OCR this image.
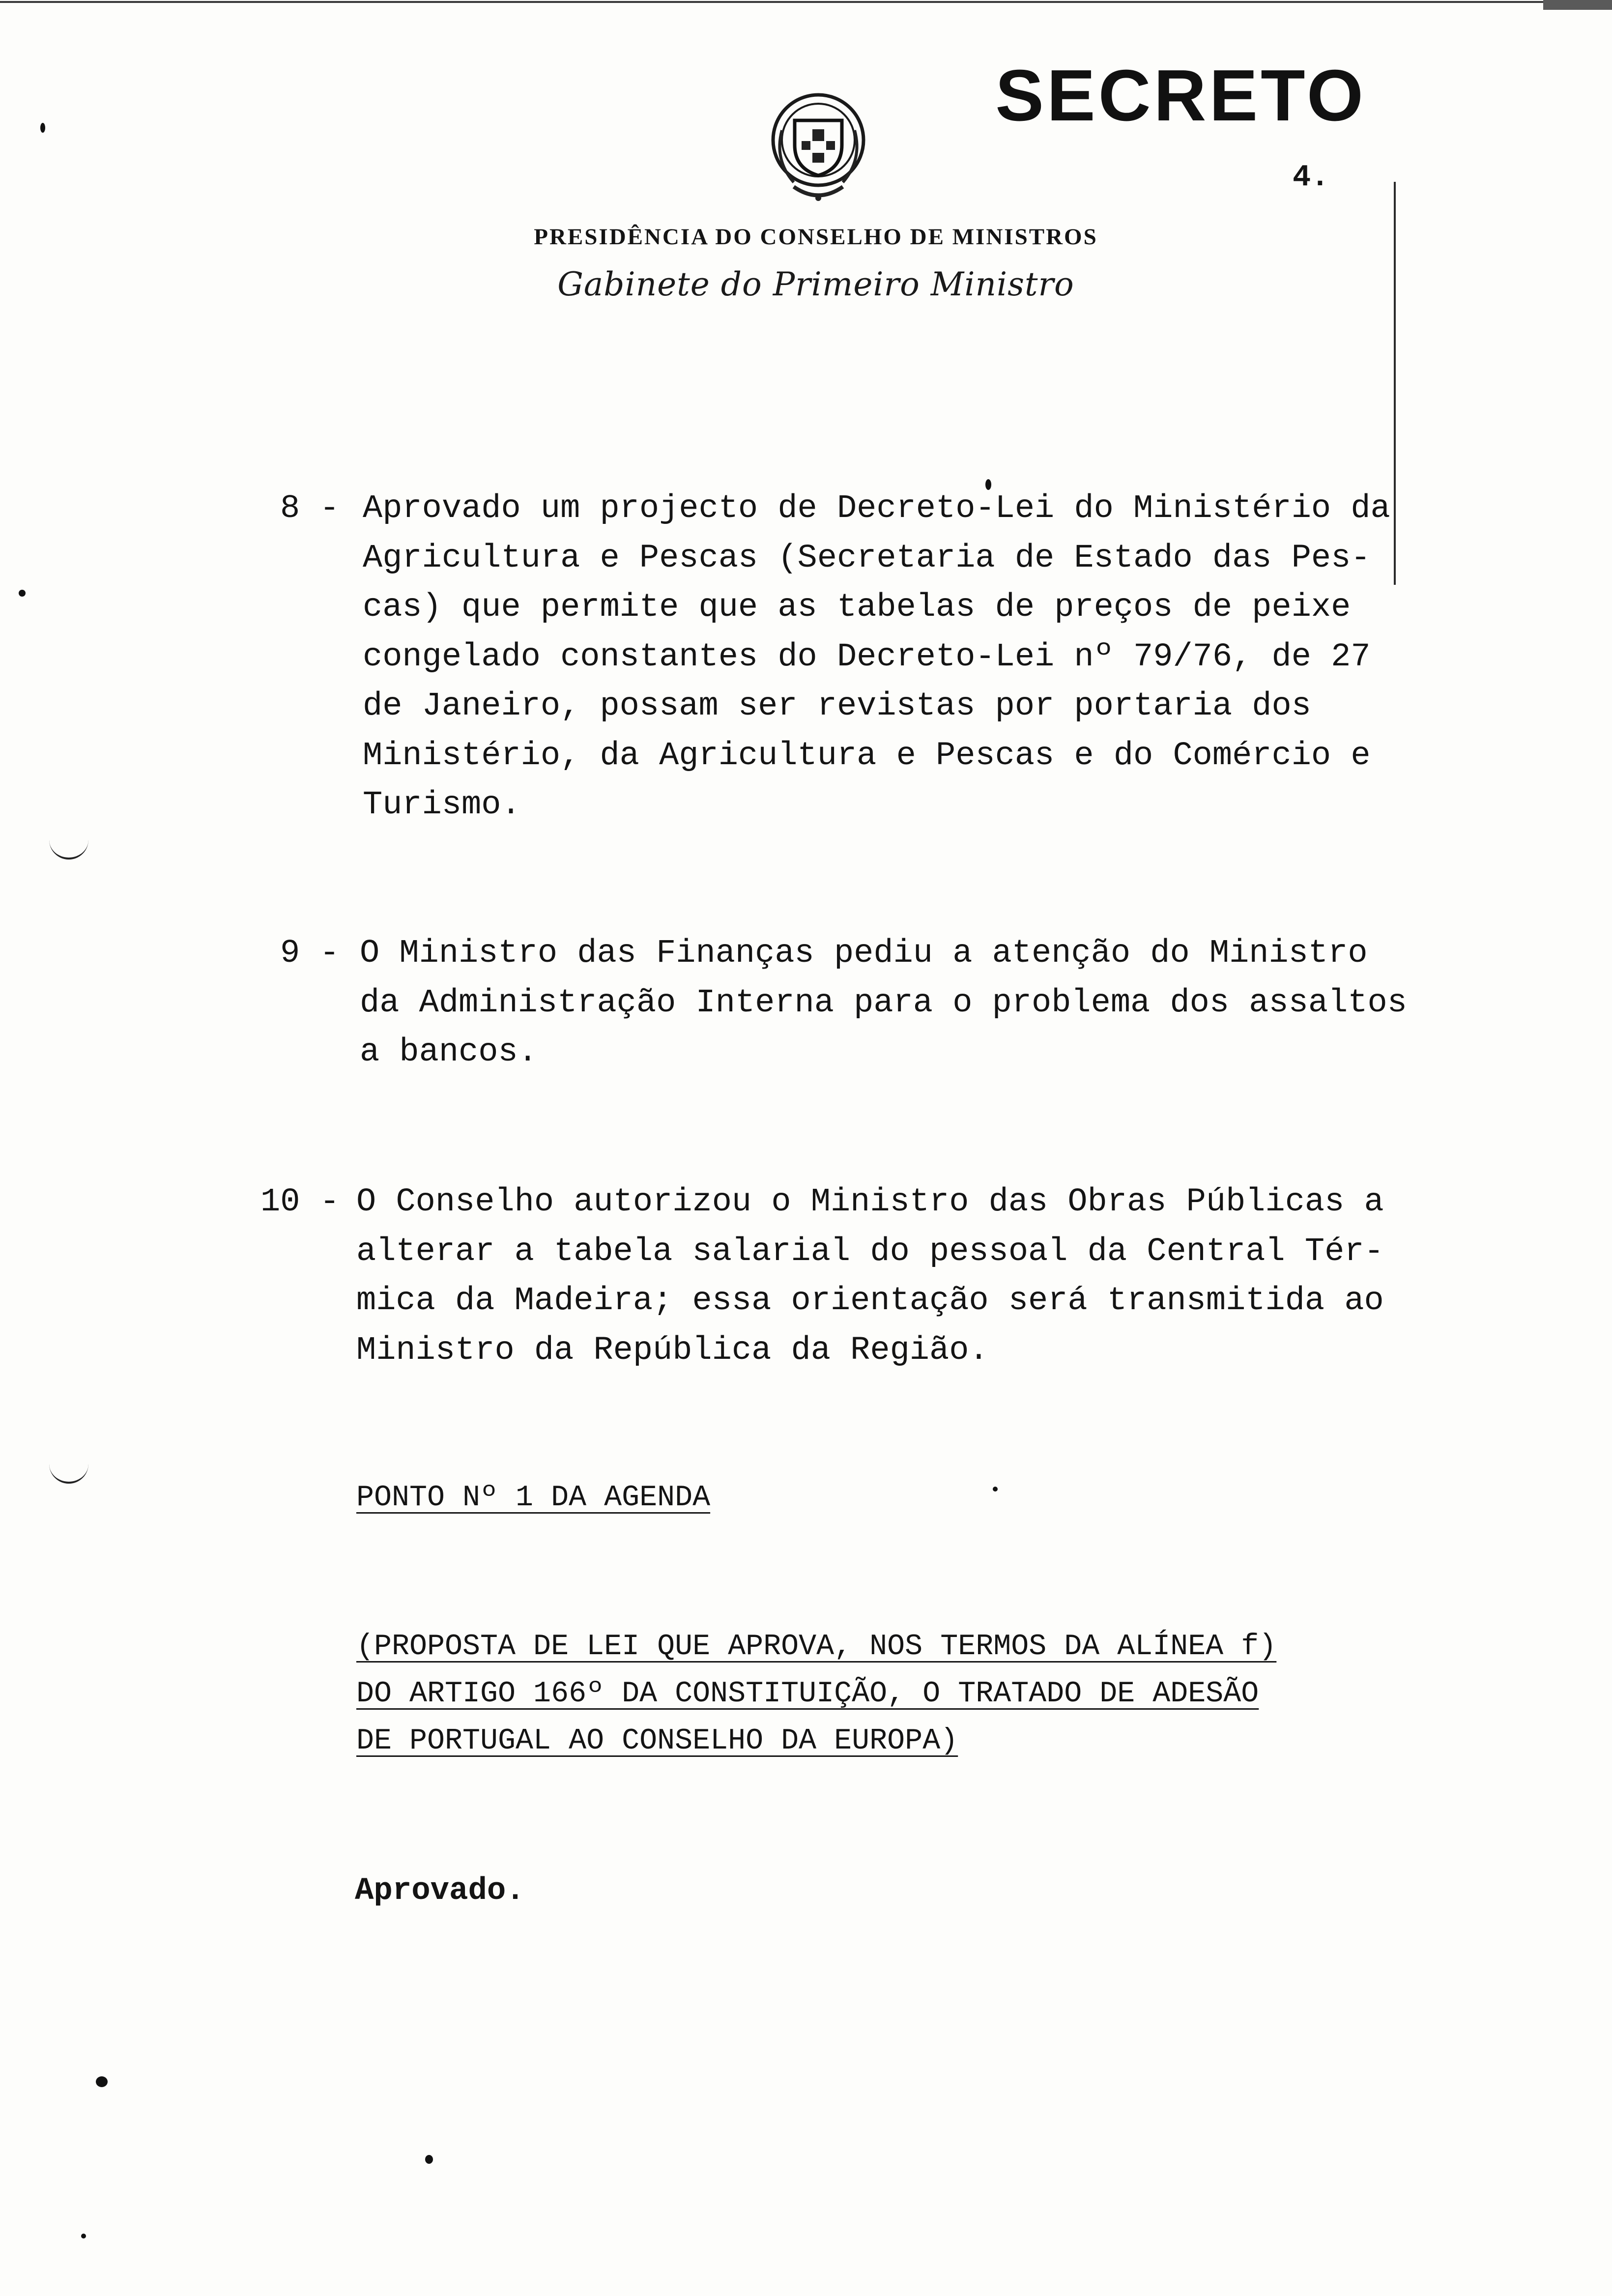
SECRETO
4.
PRESIDÊNCIA DO CONSELHO DE MINISTROS
Gabinete do Primeiro Ministro
8 - Aprovado um projecto de Decreto-Lei do Ministério da
Agricultura e Pescas (Secretaria de Estado das Pes-
cas) que permite que as tabelas de preços de peixe
congelado constantes do Decreto-Lei nº 79/76, de 27
de Janeiro, possam ser revistas por portaria dos
Ministério, da Agricultura e Pescas e do Comércio e
Turismo.
9 - O Ministro das Finanças pediu a atenção do Ministro
da Administração Interna para o problema dos assaltos
a bancos.
10 - O Conselho autorizou o Ministro das Obras Públicas a
alterar a tabela salarial do pessoal da Central Tér-
mica da Madeira; essa orientação será transmitida ao
Ministro da República da Região.
PONTO Nº 1 DA AGENDA
(PROPOSTA DE LEI QUE APROVA, NOS TERMOS DA ALÍNEA f)
DO ARTIGO 166º DA CONSTITUIÇÃO, O TRATADO DE ADESÃO
DE PORTUGAL AO CONSELHO DA EUROPA)
Aprovado.
